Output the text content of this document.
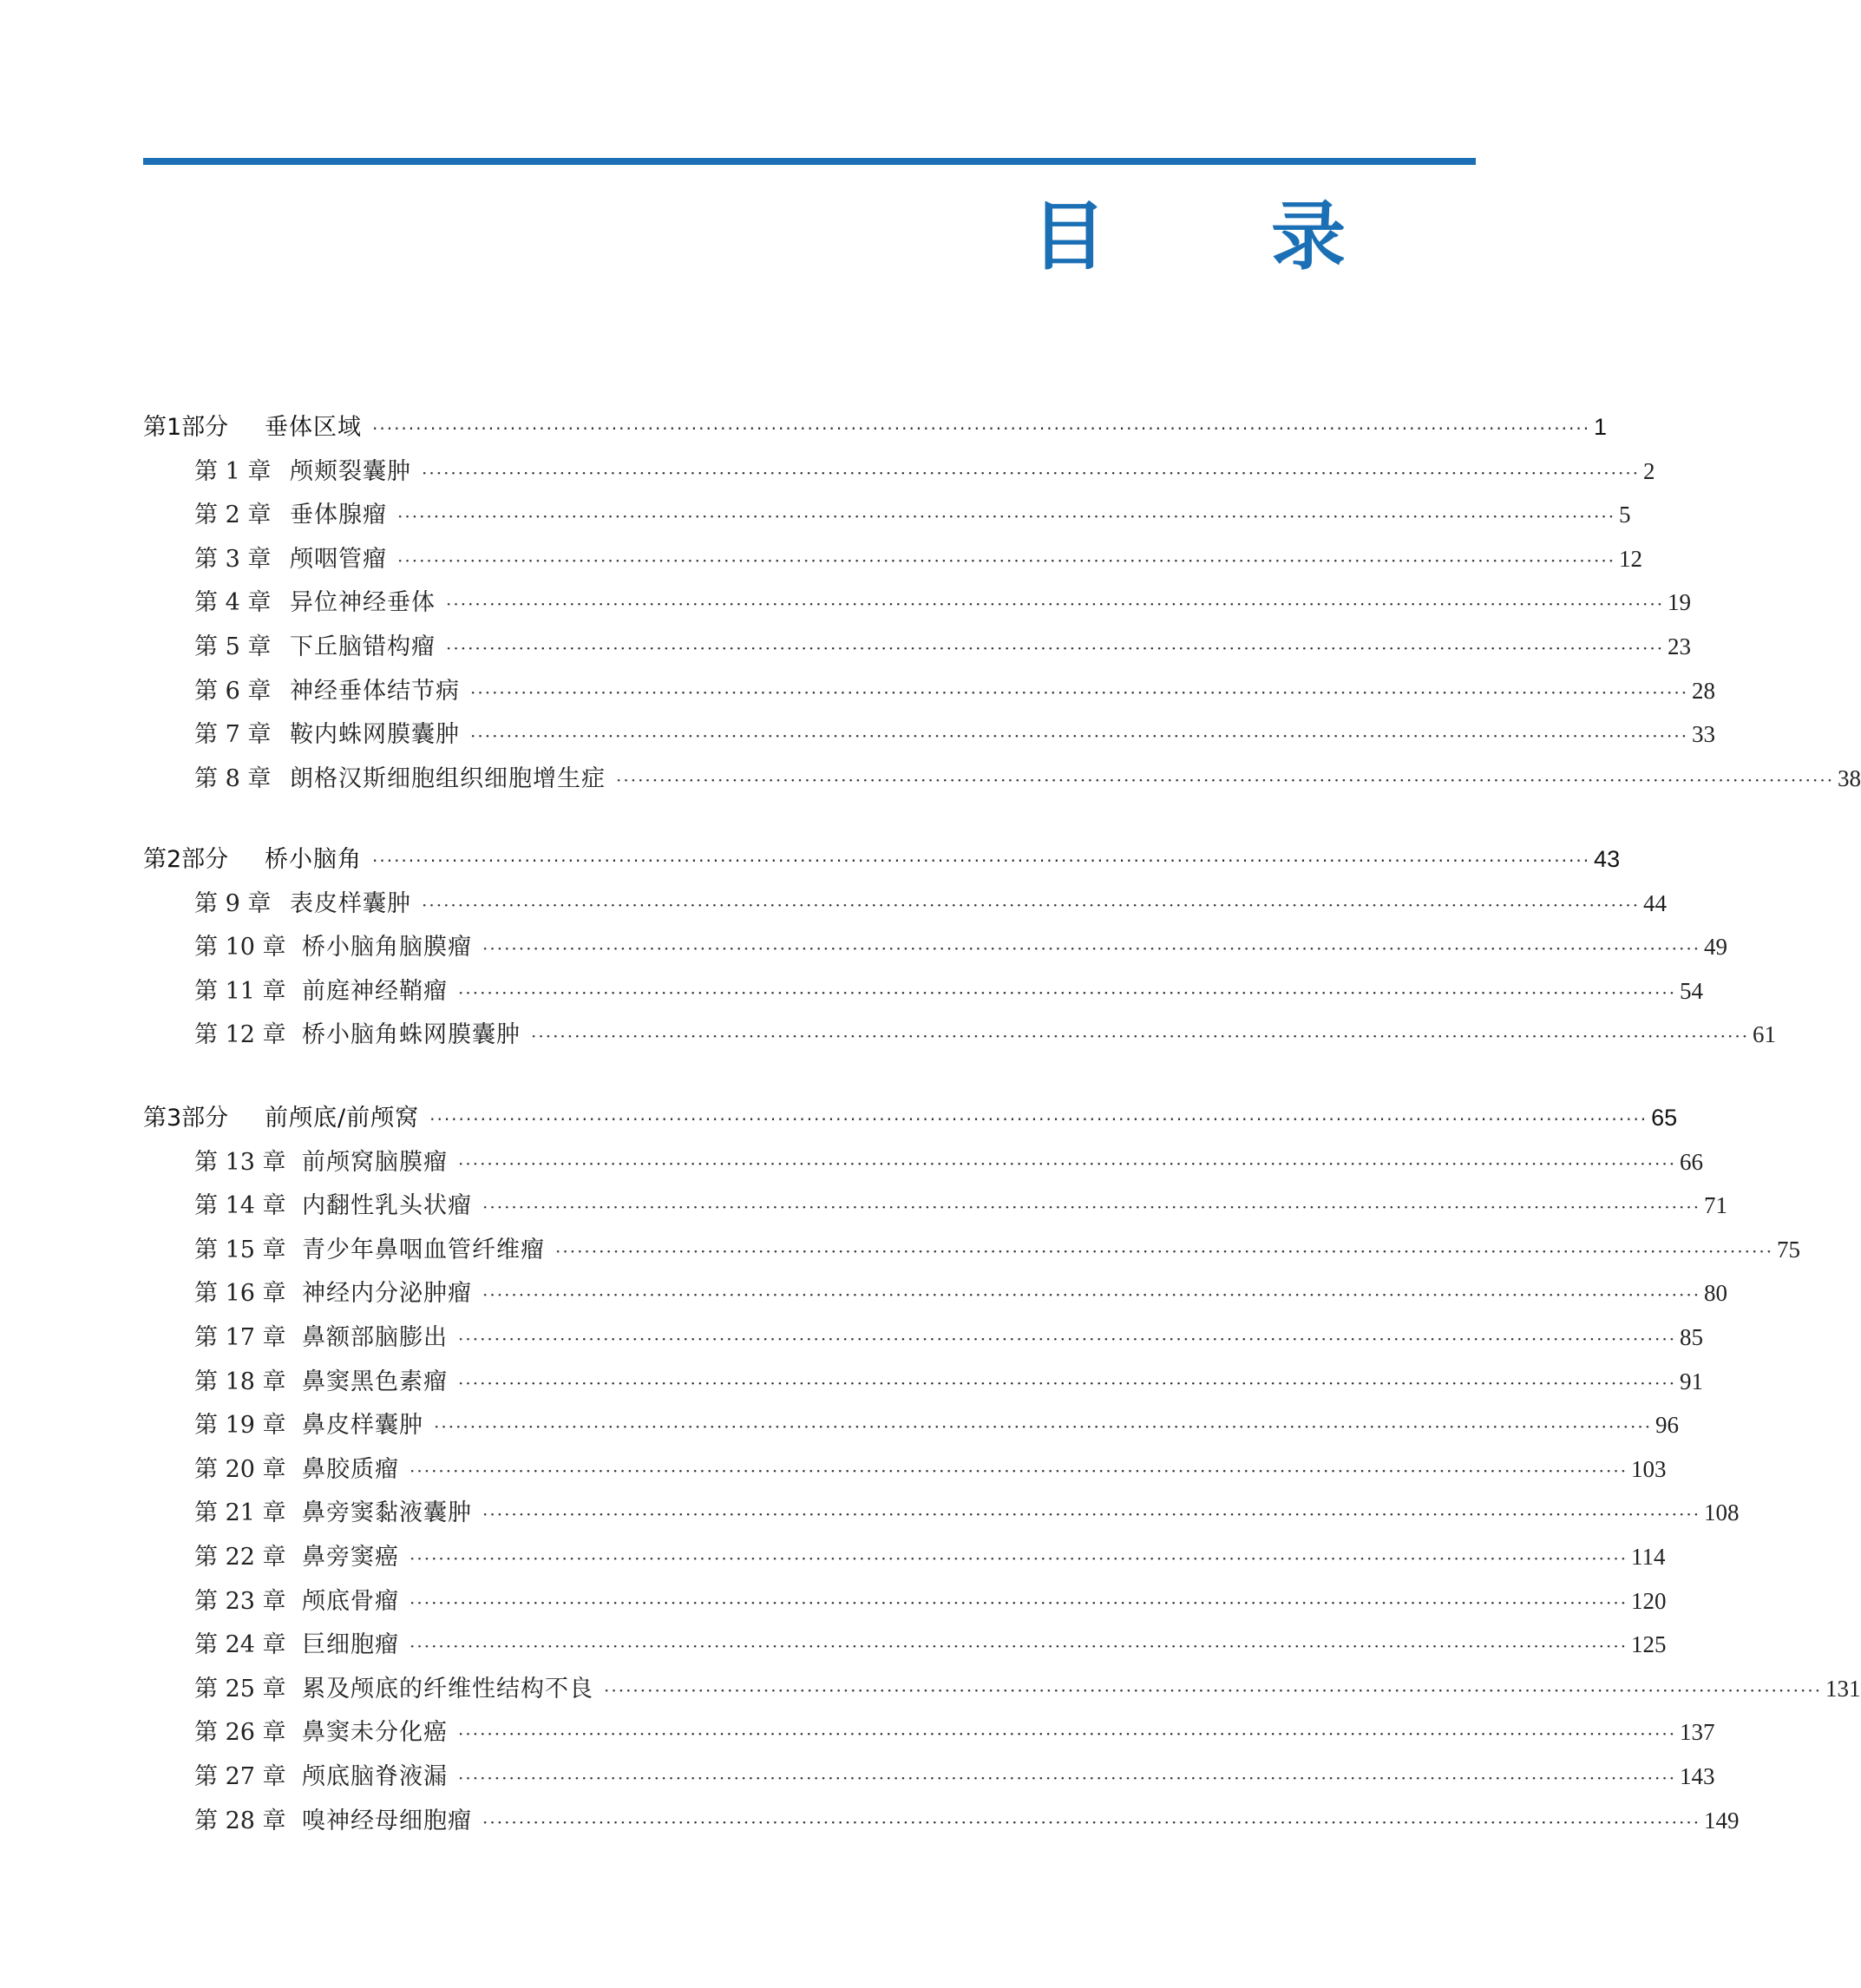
目 录
第1部分	垂体区域 ········································································································································································ 1
第 1 章 颅颊裂囊肿 ········································································································································································ 2
第 2 章 垂体腺瘤 ········································································································································································ 5
第 3 章 颅咽管瘤 ········································································································································································ 12
第 4 章 异位神经垂体 ········································································································································································ 19
第 5 章 下丘脑错构瘤 ········································································································································································ 23
第 6 章 神经垂体结节病 ········································································································································································ 28
第 7 章 鞍内蛛网膜囊肿 ········································································································································································ 33
第 8 章 朗格汉斯细胞组织细胞增生症 ········································································································································································ 38
第2部分	桥小脑角 ········································································································································································ 43
第 9 章 表皮样囊肿 ········································································································································································ 44
第 10 章 桥小脑角脑膜瘤 ········································································································································································ 49
第 11 章 前庭神经鞘瘤 ········································································································································································ 54
第 12 章 桥小脑角蛛网膜囊肿 ········································································································································································ 61
第3部分	前颅底/前颅窝 ········································································································································································ 65
第 13 章 前颅窝脑膜瘤 ········································································································································································ 66
第 14 章 内翻性乳头状瘤 ········································································································································································ 71
第 15 章 青少年鼻咽血管纤维瘤 ········································································································································································ 75
第 16 章 神经内分泌肿瘤 ········································································································································································ 80
第 17 章 鼻额部脑膨出 ········································································································································································ 85
第 18 章 鼻窦黑色素瘤 ········································································································································································ 91
第 19 章 鼻皮样囊肿 ········································································································································································ 96
第 20 章 鼻胶质瘤 ········································································································································································ 103
第 21 章 鼻旁窦黏液囊肿 ········································································································································································ 108
第 22 章 鼻旁窦癌 ········································································································································································ 114
第 23 章 颅底骨瘤 ········································································································································································ 120
第 24 章 巨细胞瘤 ········································································································································································ 125
第 25 章 累及颅底的纤维性结构不良 ········································································································································································ 131
第 26 章 鼻窦未分化癌 ········································································································································································ 137
第 27 章 颅底脑脊液漏 ········································································································································································ 143
第 28 章 嗅神经母细胞瘤 ········································································································································································ 149
